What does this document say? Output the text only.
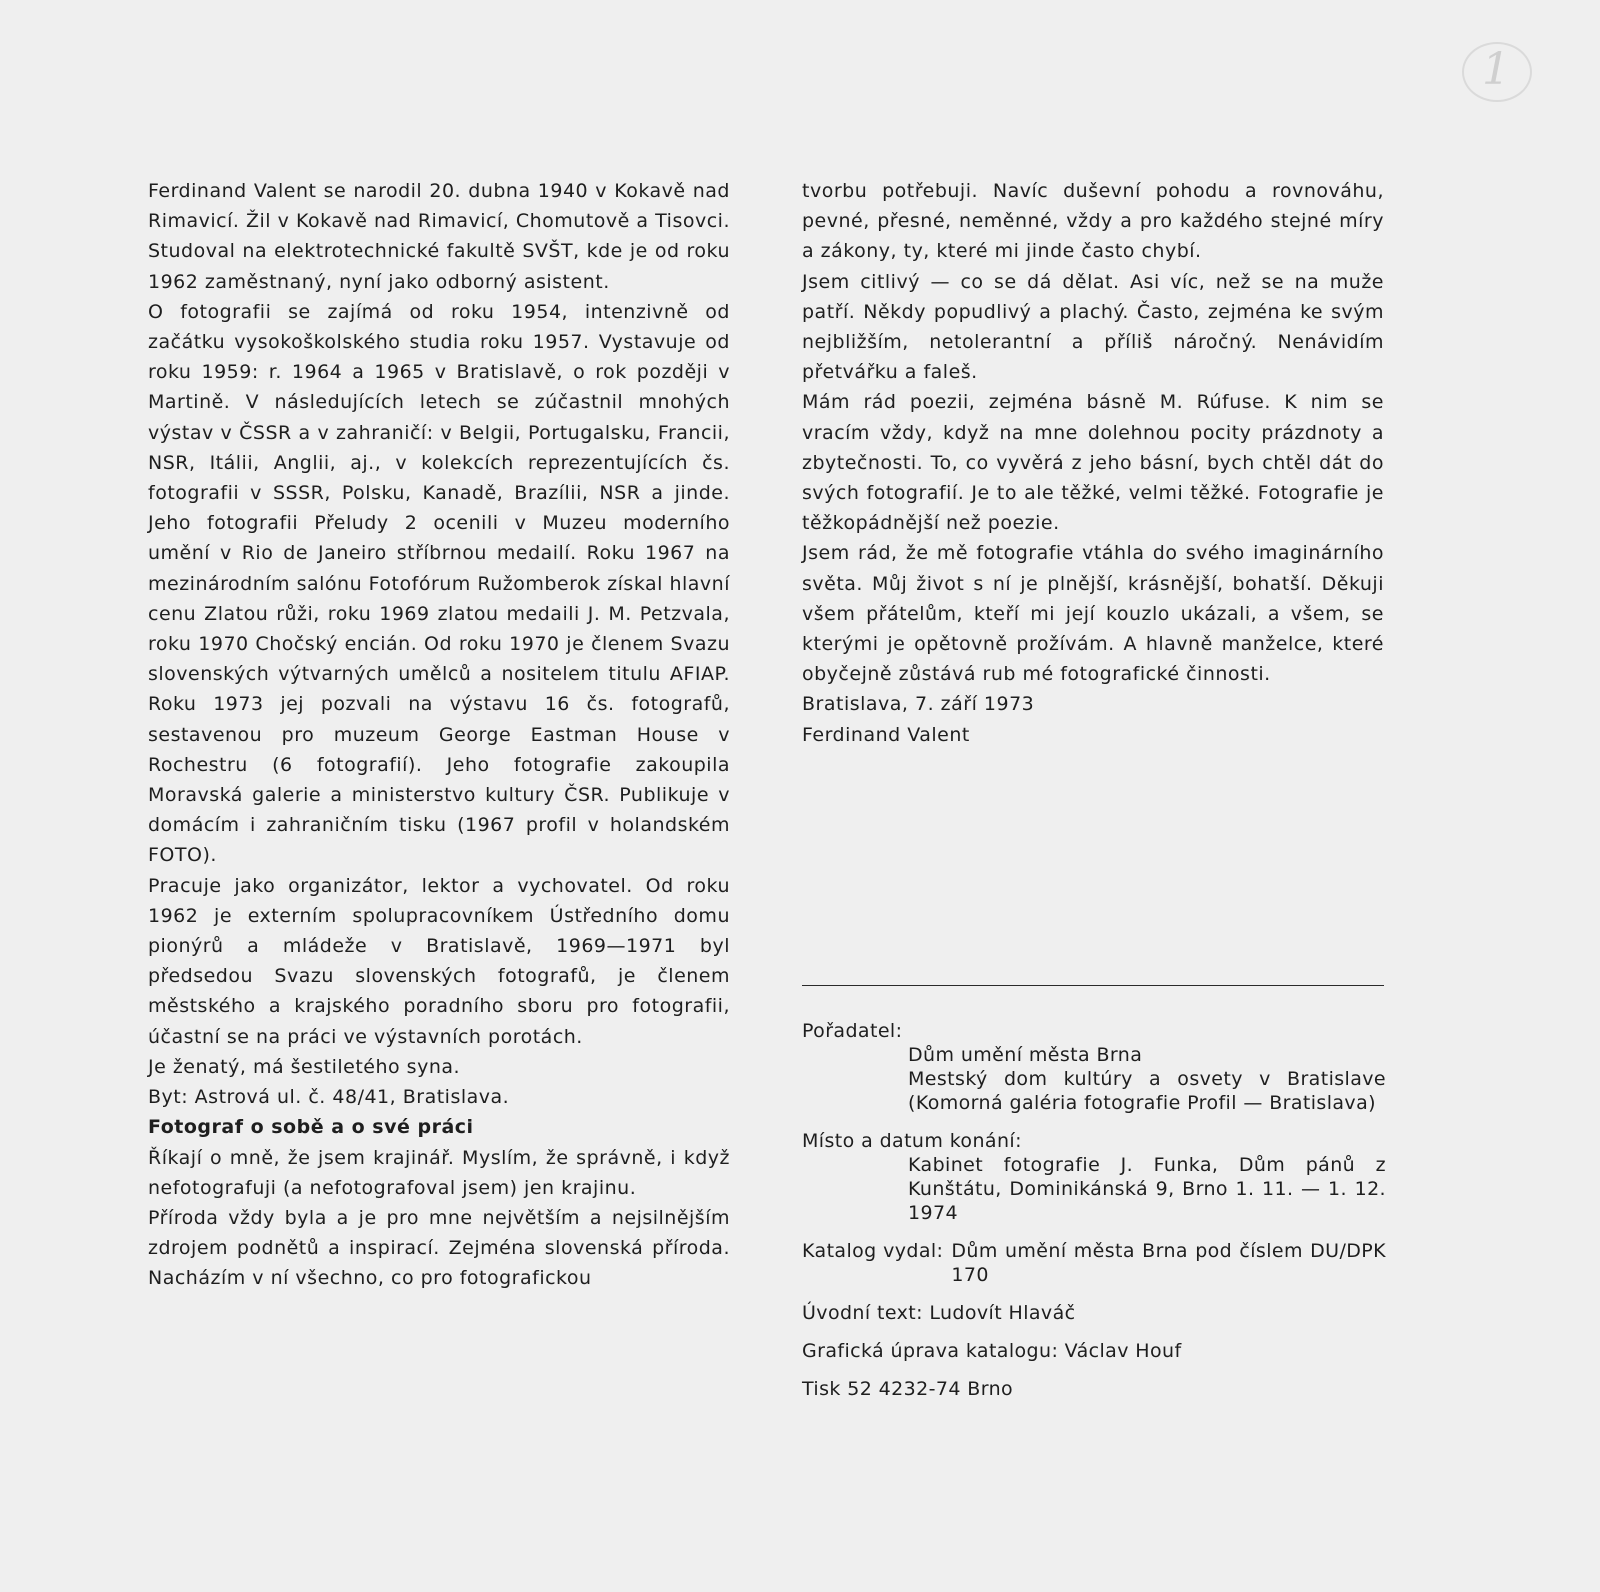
1

Ferdinand Valent se narodil 20. dubna 1940 v Kokavě nad Rimavicí. Žil v Kokavě nad Rimavicí, Chomutově a Tisovci. Studoval na elektrotechnické fakultě SVŠT, kde je od roku 1962 zaměstnaný, nyní jako odborný asistent.

O fotografii se zajímá od roku 1954, intenzivně od začátku vysokoškolského studia roku 1957. Vystavuje od roku 1959: r. 1964 a 1965 v Bratislavě, o rok později v Martině. V následujících letech se zúčastnil mnohých výstav v ČSSR a v zahraničí: v Belgii, Portugalsku, Francii, NSR, Itálii, Anglii, aj., v kolekcích reprezentujících čs. fotografii v SSSR, Polsku, Kanadě, Brazílii, NSR a jinde. Jeho fotografii Přeludy 2 ocenili v Muzeu moderního umění v Rio de Janeiro stříbrnou medailí. Roku 1967 na mezinárodním salónu Fotofórum Ružomberok získal hlavní cenu Zlatou růži, roku 1969 zlatou medaili J. M. Petzvala, roku 1970 Chočský encián. Od roku 1970 je členem Svazu slovenských výtvarných umělců a nositelem titulu AFIAP. Roku 1973 jej pozvali na výstavu 16 čs. fotografů, sestavenou pro muzeum George Eastman House v Rochestru (6 fotografií). Jeho fotografie zakoupila Moravská galerie a ministerstvo kultury ČSR. Publikuje v domácím i zahraničním tisku (1967 profil v holandském FOTO).

Pracuje jako organizátor, lektor a vychovatel. Od roku 1962 je externím spolupracovníkem Ústředního domu pionýrů a mládeže v Bratislavě, 1969—1971 byl předsedou Svazu slovenských fotografů, je členem městského a krajského poradního sboru pro fotografii, účastní se na práci ve výstavních porotách.

Je ženatý, má šestiletého syna.

Byt: Astrová ul. č. 48/41, Bratislava.

Fotograf o sobě a o své práci

Říkají o mně, že jsem krajinář. Myslím, že správně, i když nefotografuji (a nefotografoval jsem) jen krajinu.

Příroda vždy byla a je pro mne největším a nejsilnějším zdrojem podnětů a inspirací. Zejména slovenská příroda. Nacházím v ní všechno, co pro fotografickou

tvorbu potřebuji. Navíc duševní pohodu a rovnováhu, pevné, přesné, neměnné, vždy a pro každého stejné míry a zákony, ty, které mi jinde často chybí.

Jsem citlivý — co se dá dělat. Asi víc, než se na muže patří. Někdy popudlivý a plachý. Často, zejména ke svým nejbližším, netolerantní a příliš náročný. Nenávidím přetvářku a faleš.

Mám rád poezii, zejména básně M. Rúfuse. K nim se vracím vždy, když na mne dolehnou pocity prázdnoty a zbytečnosti. To, co vyvěrá z jeho básní, bych chtěl dát do svých fotografií. Je to ale těžké, velmi těžké. Fotografie je těžkopádnější než poezie.

Jsem rád, že mě fotografie vtáhla do svého imaginárního světa. Můj život s ní je plnější, krásnější, bohatší. Děkuji všem přátelům, kteří mi její kouzlo ukázali, a všem, se kterými je opětovně prožívám. A hlavně manželce, které obyčejně zůstává rub mé fotografické činnosti.

Bratislava, 7. září 1973

Ferdinand Valent

Pořadatel:

Dům umění města Brna

Mestský dom kultúry a osvety v Bratislave (Komorná galéria fotografie Profil — Bratislava)

Místo a datum konání:

Kabinet fotografie J. Funka, Dům pánů z Kunštátu, Dominikánská 9, Brno 1. 11. — 1. 12. 1974

Katalog vydal: Dům umění města Brna pod číslem DU/DPK 170

Úvodní text: Ludovít Hlaváč

Grafická úprava katalogu: Václav Houf

Tisk 52 4232-74 Brno
